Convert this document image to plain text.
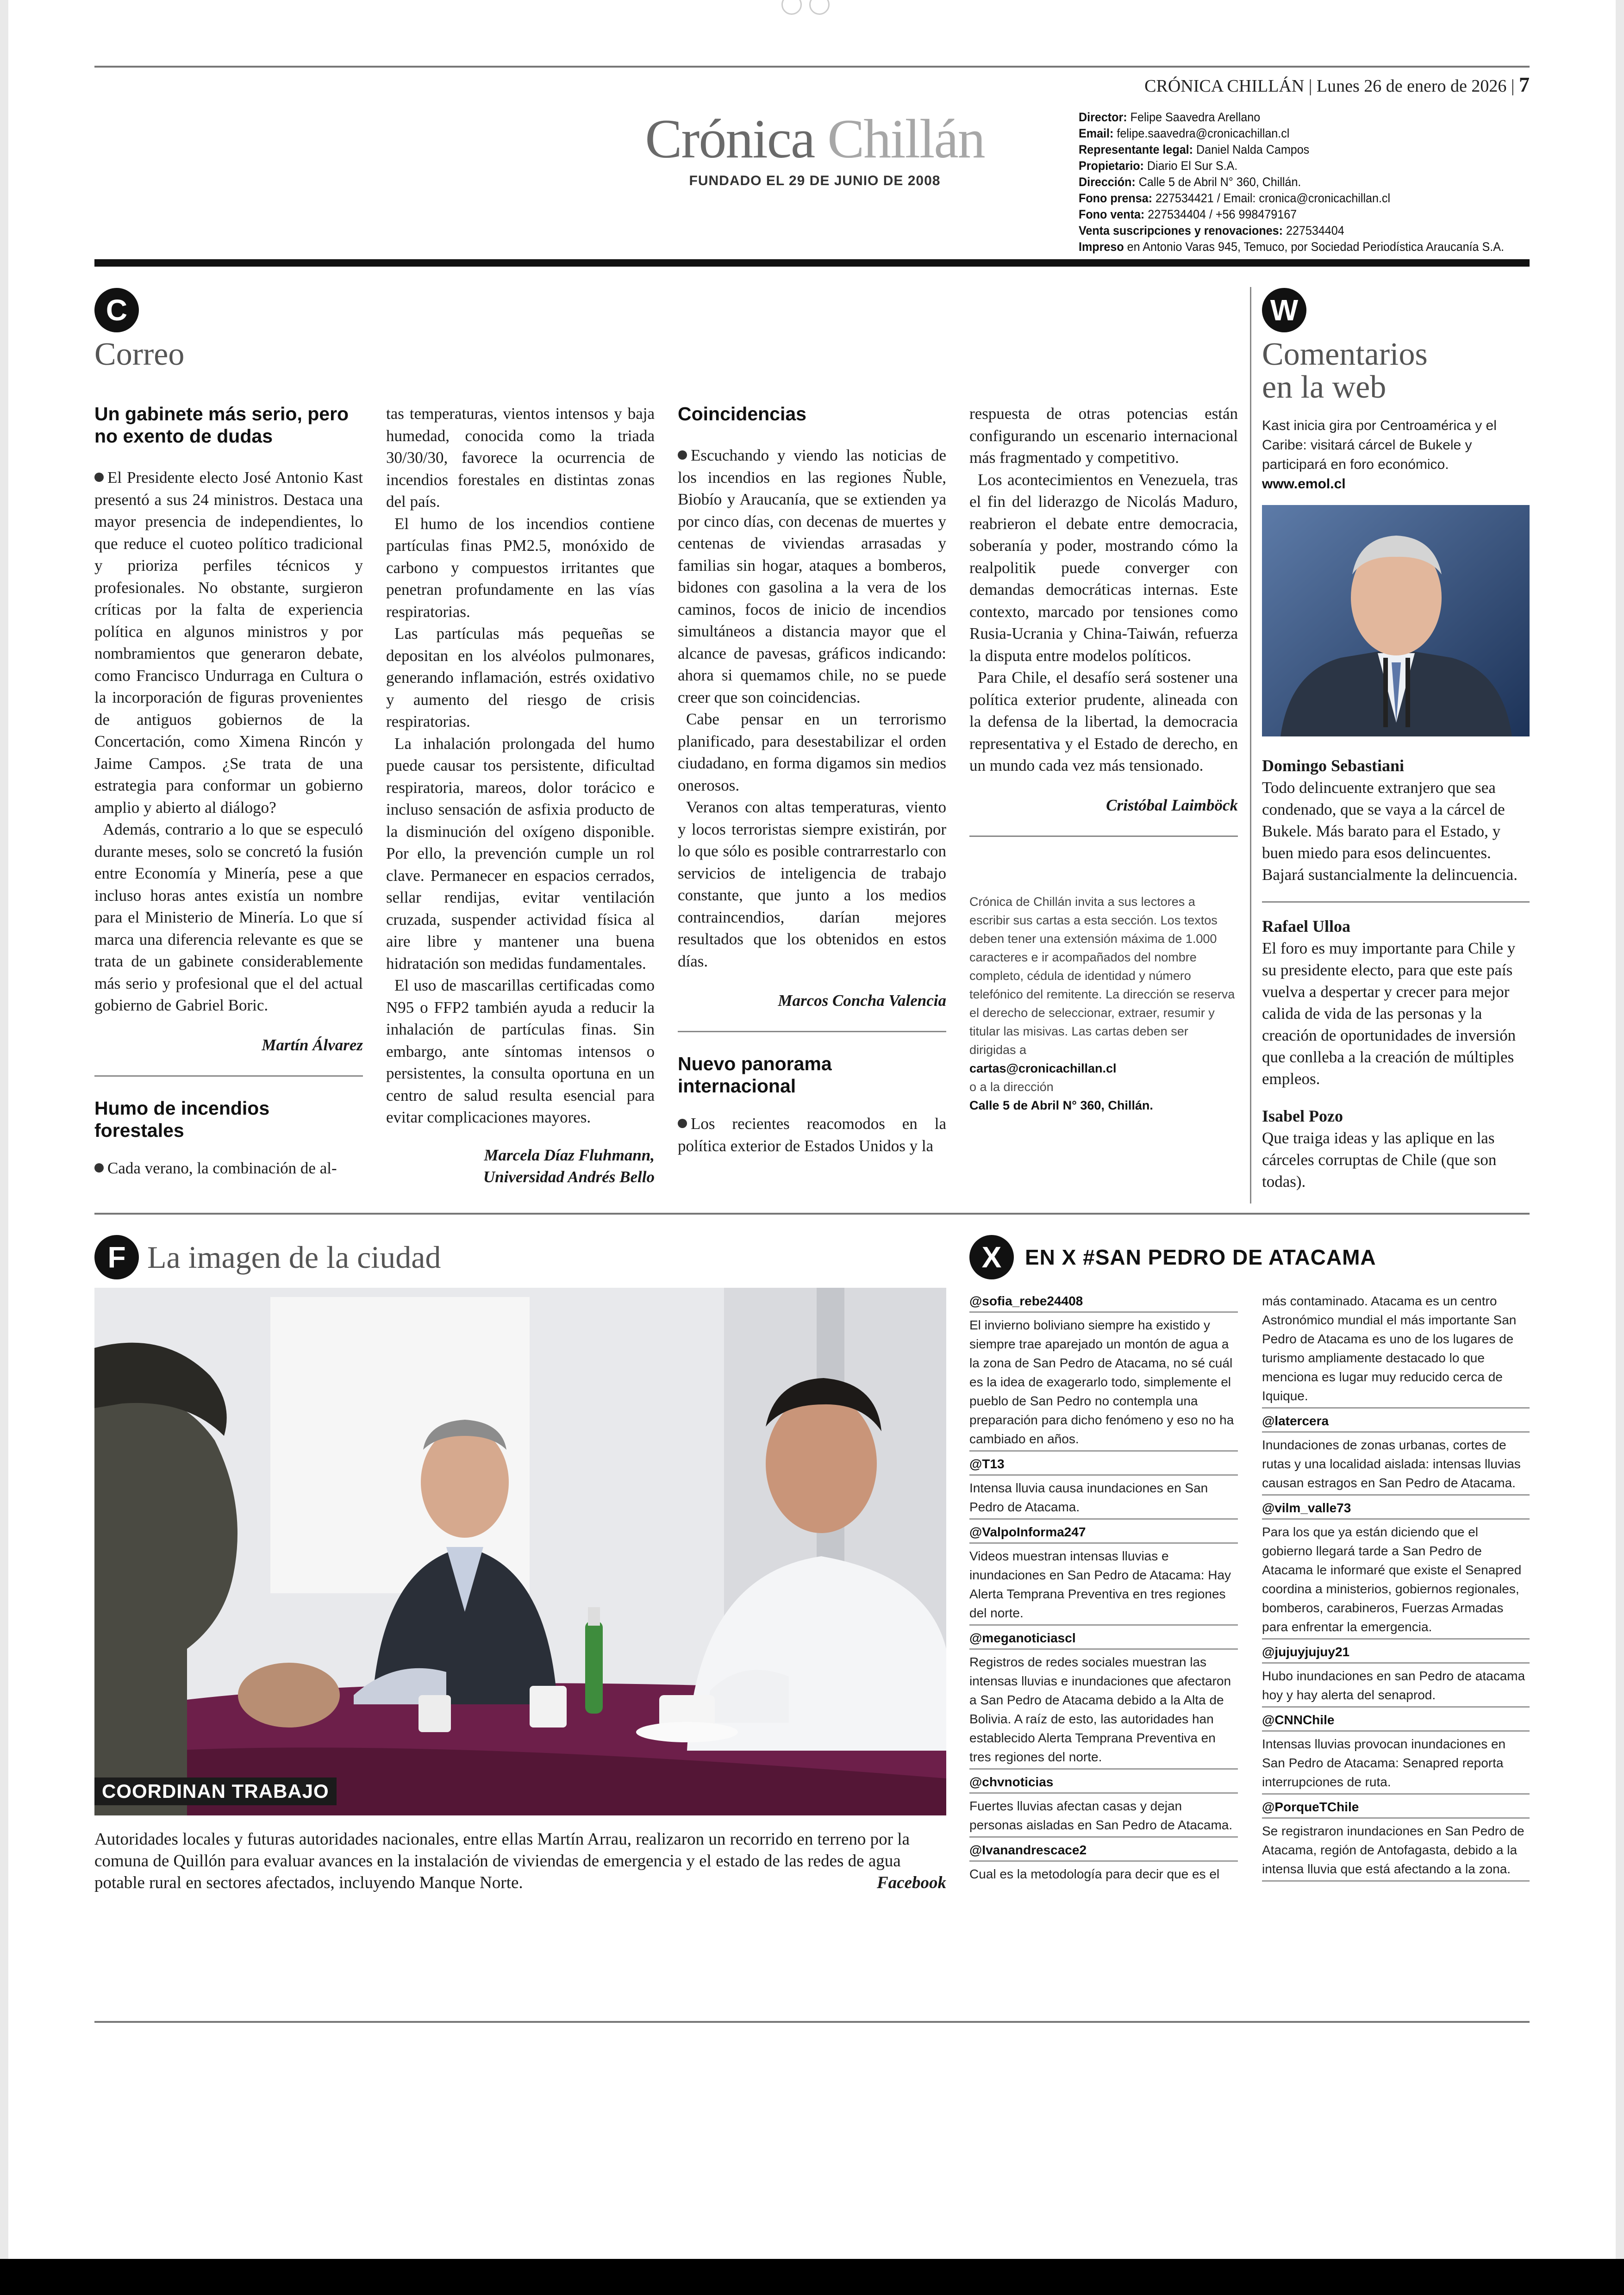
CRÓNICA CHILLÁN | Lunes 26 de enero de 2026 | 7
Crónica Chillán
FUNDADO EL 29 DE JUNIO DE 2008
Director: Felipe Saavedra Arellano
Email: felipe.saavedra@cronicachillan.cl
Representante legal: Daniel Nalda Campos
Propietario: Diario El Sur S.A.
Dirección: Calle 5 de Abril N° 360, Chillán.
Fono prensa: 227534421 / Email: cronica@cronicachillan.cl
Fono venta: 227534404 / +56 998479167
Venta suscripciones y renovaciones: 227534404
Impreso en Antonio Varas 945, Temuco, por Sociedad Periodística Araucanía S.A.
C
Correo
Un gabinete más serio, pero no exento de dudas

El Presidente electo José Antonio Kast presentó a sus 24 ministros. Destaca una mayor presencia de independientes, lo que reduce el cuoteo político tradicional y prioriza perfiles técnicos y profesionales. No obstante, surgieron críticas por la falta de experiencia política en algunos ministros y por nombramientos que generaron debate, como Francisco Undurraga en Cultura o la incorporación de figuras provenientes de antiguos gobiernos de la Concertación, como Ximena Rincón y Jaime Campos. ¿Se trata de una estrategia para conformar un gobierno amplio y abierto al diálogo?

Además, contrario a lo que se especuló durante meses, solo se concretó la fusión entre Economía y Minería, pese a que incluso horas antes existía un nombre para el Ministerio de Minería. Lo que sí marca una diferencia relevante es que se trata de un gabinete considerablemente más serio y profesional que el del actual gobierno de Gabriel Boric.

Martín Álvarez
Humo de incendios forestales

Cada verano, la combinación de al-

tas temperaturas, vientos intensos y baja humedad, conocida como la triada 30/30/30, favorece la ocurrencia de incendios forestales en distintas zonas del país.

El humo de los incendios contiene partículas finas PM2.5, monóxido de carbono y compuestos irritantes que penetran profundamente en las vías respiratorias.

Las partículas más pequeñas se depositan en los alvéolos pulmonares, generando inflamación, estrés oxidativo y aumento del riesgo de crisis respiratorias.

La inhalación prolongada del humo puede causar tos persistente, dificultad respiratoria, mareos, dolor torácico e incluso sensación de asfixia producto de la disminución del oxígeno disponible. Por ello, la prevención cumple un rol clave. Permanecer en espacios cerrados, sellar rendijas, evitar ventilación cruzada, suspender actividad física al aire libre y mantener una buena hidratación son medidas fundamentales.

El uso de mascarillas certificadas como N95 o FFP2 también ayuda a reducir la inhalación de partículas finas. Sin embargo, ante síntomas intensos o persistentes, la consulta oportuna en un centro de salud resulta esencial para evitar complicaciones mayores.

Marcela Díaz Fluhmann,
Universidad Andrés Bello
Coincidencias

Escuchando y viendo las noticias de los incendios en las regiones Ñuble, Biobío y Araucanía, que se extienden ya por cinco días, con decenas de muertes y centenas de viviendas arrasadas y familias sin hogar, ataques a bomberos, bidones con gasolina a la vera de los caminos, focos de inicio de incendios simultáneos a distancia mayor que el alcance de pavesas, gráficos indicando: ahora si quemamos chile, no se puede creer que son coincidencias.

Cabe pensar en un terrorismo planificado, para desestabilizar el orden ciudadano, en forma digamos sin medios onerosos.

Veranos con altas temperaturas, viento y locos terroristas siempre existirán, por lo que sólo es posible contrarrestarlo con servicios de inteligencia de trabajo constante, que junto a los medios contraincendios, darían mejores resultados que los obtenidos en estos días.

Marcos Concha Valencia
Nuevo panorama internacional

Los recientes reacomodos en la política exterior de Estados Unidos y la

respuesta de otras potencias están configurando un escenario internacional más fragmentado y competitivo.

Los acontecimientos en Venezuela, tras el fin del liderazgo de Nicolás Maduro, reabrieron el debate entre democracia, soberanía y poder, mostrando cómo la realpolitik puede converger con demandas democráticas internas. Este contexto, marcado por tensiones como Rusia-Ucrania y China-Taiwán, refuerza la disputa entre modelos políticos.

Para Chile, el desafío será sostener una política exterior prudente, alineada con la defensa de la libertad, la democracia representativa y el Estado de derecho, en un mundo cada vez más tensionado.

Cristóbal Laimböck
Crónica de Chillán invita a sus lectores a escribir sus cartas a esta sección. Los textos deben tener una extensión máxima de 1.000 caracteres e ir acompañados del nombre completo, cédula de identidad y número telefónico del remitente. La dirección se reserva el derecho de seleccionar, extraer, resumir y titular las misivas. Las cartas deben ser dirigidas a
cartas@cronicachillan.cl
o a la dirección
Calle 5 de Abril N° 360, Chillán.
W
Comentarios
en la web
Kast inicia gira por Centroamérica y el Caribe: visitará cárcel de Bukele y participará en foro económico. www.emol.cl
Domingo Sebastiani
Todo delincuente extranjero que sea condenado, que se vaya a la cárcel de Bukele. Más barato para el Estado, y buen miedo para esos delincuentes. Bajará sustancialmente la delincuencia.
Rafael Ulloa
El foro es muy importante para Chile y su presidente electo, para que este país vuelva a despertar y crecer para mejor calida de vida de las personas y la creación de oportunidades de inversión que conlleba a la creación de múltiples empleos.
Isabel Pozo
Que traiga ideas y las aplique en las cárceles corruptas de Chile (que son todas).
F La imagen de la ciudad
COORDINAN TRABAJO
Autoridades locales y futuras autoridades nacionales, entre ellas Martín Arrau, realizaron un recorrido en terreno por la comuna de Quillón para evaluar avances en la instalación de viviendas de emergencia y el estado de las redes de agua potable rural en sectores afectados, incluyendo Manque Norte.	Facebook
X	EN X #SAN PEDRO DE ATACAMA
@sofia_rebe24408
El invierno boliviano siempre ha existido y siempre trae aparejado un montón de agua a la zona de San Pedro de Atacama, no sé cuál es la idea de exagerarlo todo, simplemente el pueblo de San Pedro no contempla una preparación para dicho fenómeno y eso no ha cambiado en años.
@T13
Intensa lluvia causa inundaciones en San Pedro de Atacama.
@ValpoInforma247
Videos muestran intensas lluvias e inundaciones en San Pedro de Atacama: Hay Alerta Temprana Preventiva en tres regiones del norte.
@meganoticiascl
Registros de redes sociales muestran las intensas lluvias e inundaciones que afectaron a San Pedro de Atacama debido a la Alta de Bolivia. A raíz de esto, las autoridades han establecido Alerta Temprana Preventiva en tres regiones del norte.
@chvnoticias
Fuertes lluvias afectan casas y dejan personas aisladas en San Pedro de Atacama.
@Ivanandrescace2
Cual es la metodología para decir que es el
más contaminado. Atacama es un centro Astronómico mundial el más importante San Pedro de Atacama es uno de los lugares de turismo ampliamente destacado lo que menciona es lugar muy reducido cerca de Iquique.
@latercera
Inundaciones de zonas urbanas, cortes de rutas y una localidad aislada: intensas lluvias causan estragos en San Pedro de Atacama.
@vilm_valle73
Para los que ya están diciendo que el gobierno llegará tarde a San Pedro de Atacama le informaré que existe el Senapred coordina a ministerios, gobiernos regionales, bomberos, carabineros, Fuerzas Armadas para enfrentar la emergencia.
@jujuyjujuy21
Hubo inundaciones en san Pedro de atacama hoy y hay alerta del senaprod.
@CNNChile
Intensas lluvias provocan inundaciones en San Pedro de Atacama: Senapred reporta interrupciones de ruta.
@PorqueTChile
Se registraron inundaciones en San Pedro de Atacama, región de Antofagasta, debido a la intensa lluvia que está afectando a la zona.
